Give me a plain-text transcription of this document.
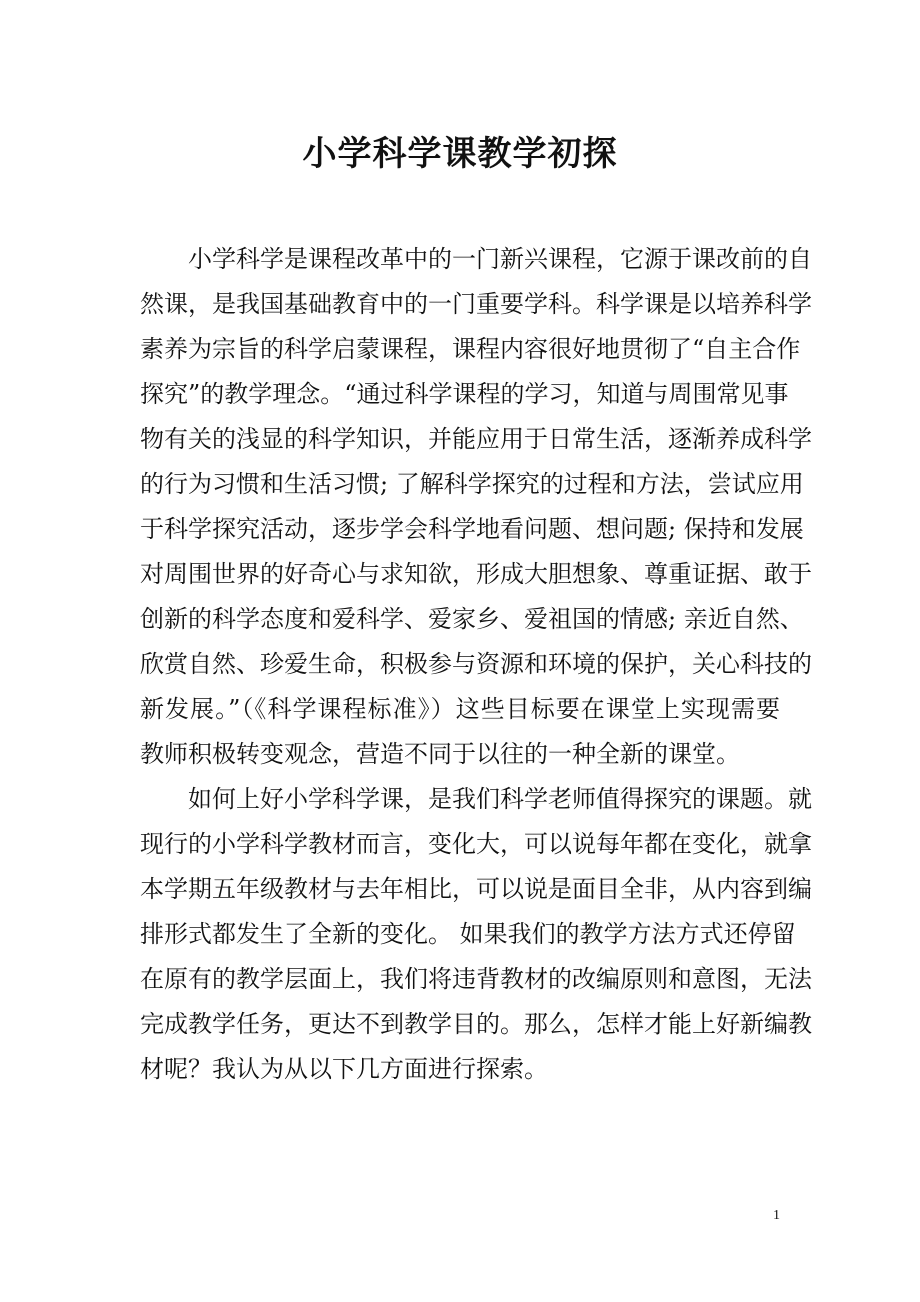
小学科学课教学初探
小学科学是课程改革中的一门新兴课程，它源于课改前的自
然课，是我国基础教育中的一门重要学科。科学课是以培养科学
素养为宗旨的科学启蒙课程，课程内容很好地贯彻了“自主合作
探究”的教学理念。“通过科学课程的学习，知道与周围常见事
物有关的浅显的科学知识，并能应用于日常生活，逐渐养成科学
的行为习惯和生活习惯; 了解科学探究的过程和方法，尝试应用
于科学探究活动，逐步学会科学地看问题、想问题; 保持和发展
对周围世界的好奇心与求知欲，形成大胆想象、尊重证据、敢于
创新的科学态度和爱科学、爱家乡、爱祖国的情感; 亲近自然、
欣赏自然、珍爱生命，积极参与资源和环境的保护，关心科技的
新发展。”（《科学课程标准》）这些目标要在课堂上实现需要
教师积极转变观念，营造不同于以往的一种全新的课堂。
如何上好小学科学课，是我们科学老师值得探究的课题。就
现行的小学科学教材而言，变化大，可以说每年都在变化，就拿
本学期五年级教材与去年相比，可以说是面目全非，从内容到编
排形式都发生了全新的变化。 如果我们的教学方法方式还停留
在原有的教学层面上，我们将违背教材的改编原则和意图，无法
完成教学任务，更达不到教学目的。那么，怎样才能上好新编教
材呢？我认为从以下几方面进行探索。
1
